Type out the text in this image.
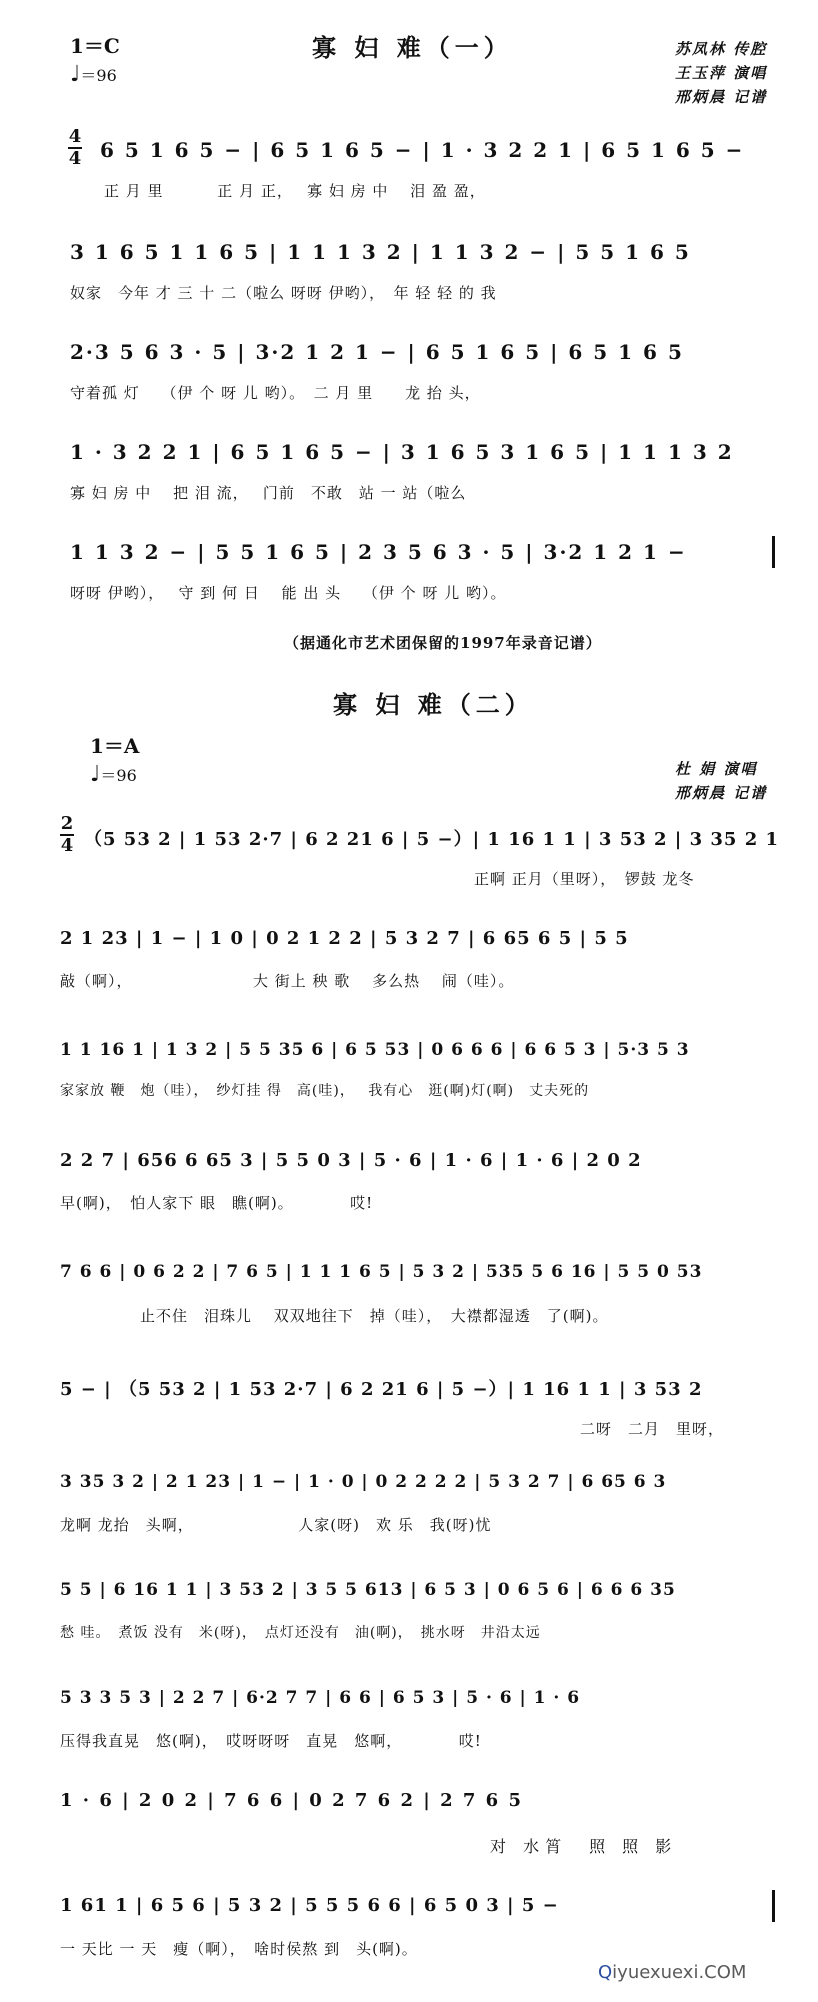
1＝C
♩＝96
寡 妇 难（一）	苏凤林 传腔
王玉萍 演唱
邢炳晨 记谱
4
4 6 5 1 6 5 − | 6 5 1 6 5 − | 1 · 3 2 2 1 | 6 5 1 6 5 −
正 月 里　　　 正 月 正，　 寡 妇 房 中　 泪 盈 盈，
3 1 6 5 1 1 6 5 | 1 1 1 3 2 | 1 1 3 2 − | 5 5 1 6 5
奴家　今年 才 三 十 二（啦么 呀呀 伊哟），　年 轻 轻 的 我
2·3 5 6 3 · 5 | 3·2 1 2 1 − | 6 5 1 6 5 | 6 5 1 6 5
守着孤 灯　 （伊 个 呀 儿 哟）。　二 月 里　　龙 抬 头，
1 · 3 2 2 1 | 6 5 1 6 5 − | 3 1 6 5 3 1 6 5 | 1 1 1 3 2
寡 妇 房 中　 把 泪 流，　 门前　不敢　站 一 站（啦么
1 1 3 2 − | 5 5 1 6 5 | 2 3 5 6 3 · 5 | 3·2 1 2 1 −
呀呀 伊哟），　 守 到 何 日　 能 出 头　 （伊 个 呀 儿 哟）。
（据通化市艺术团保留的1997年录音记谱）
寡 妇 难（二）
1＝A
♩＝96	杜 娟 演唱
邢炳晨 记谱
2
4 （5 53 2 | 1 53 2·7 | 6 2 21 6 | 5 −）| 1 16 1 1 | 3 53 2 | 3 35 2 1
正啊 正月（里呀），　锣鼓 龙冬
2 1 23 | 1 − | 1 0 | 0 2 1 2 2 | 5 3 2 7 | 6 65 6 5 | 5 5
敲（啊），　　　　　　　　大 街上 秧 歌　 多么热　 闹（哇）。
1 1 16 1 | 1 3 2 | 5 5 35 6 | 6 5 53 | 0 6 6 6 | 6 6 5 3 | 5·3 5 3
家家放 鞭　炮（哇），　纱灯挂 得　高(哇)，　 我有心　逛(啊)灯(啊)　丈夫死的
2 2 7 | 656 6 65 3 | 5 5 0 3 | 5 · 6 | 1 · 6 | 1 · 6 | 2 0 2
早(啊)，　怕人家下 眼　瞧(啊)。　　　　哎!
7 6 6 | 0 6 2 2 | 7 6 5 | 1 1 1 6 5 | 5 3 2 | 535 5 6 16 | 5 5 0 53
止不住　泪珠儿　 双双地往下　掉（哇），　大襟都湿透　了(啊)。
5 − | （5 53 2 | 1 53 2·7 | 6 2 21 6 | 5 −）| 1 16 1 1 | 3 53 2
二呀　二月　里呀，
3 35 3 2 | 2 1 23 | 1 − | 1 · 0 | 0 2 2 2 2 | 5 3 2 7 | 6 65 6 3
龙啊 龙抬　头啊，　　　　　　　人家(呀)　欢 乐　我(呀)忧
5 5 | 6 16 1 1 | 3 53 2 | 3 5 5 613 | 6 5 3 | 0 6 5 6 | 6 6 6 35
愁 哇。　煮饭 没有　米(呀)，　点灯还没有　油(啊)，　挑水呀　井沿太远
5 3 3 5 3 | 2 2 7 | 6·2 7 7 | 6 6 | 6 5 3 | 5 · 6 | 1 · 6
压得我直晃　悠(啊)，　哎呀呀呀　直晃　悠啊，　　　　哎!
1 · 6 | 2 0 2 | 7 6 6 | 0 2 7 6 2 | 2 7 6 5
对 水筲　照 照 影
1 61 1 | 6 5 6 | 5 3 2 | 5 5 5 6 6 | 6 5 0 3 | 5 −
一 天比 一 天　瘦（啊），　啥时侯熬 到　头(啊)。
Qiyuexuexi.COM
